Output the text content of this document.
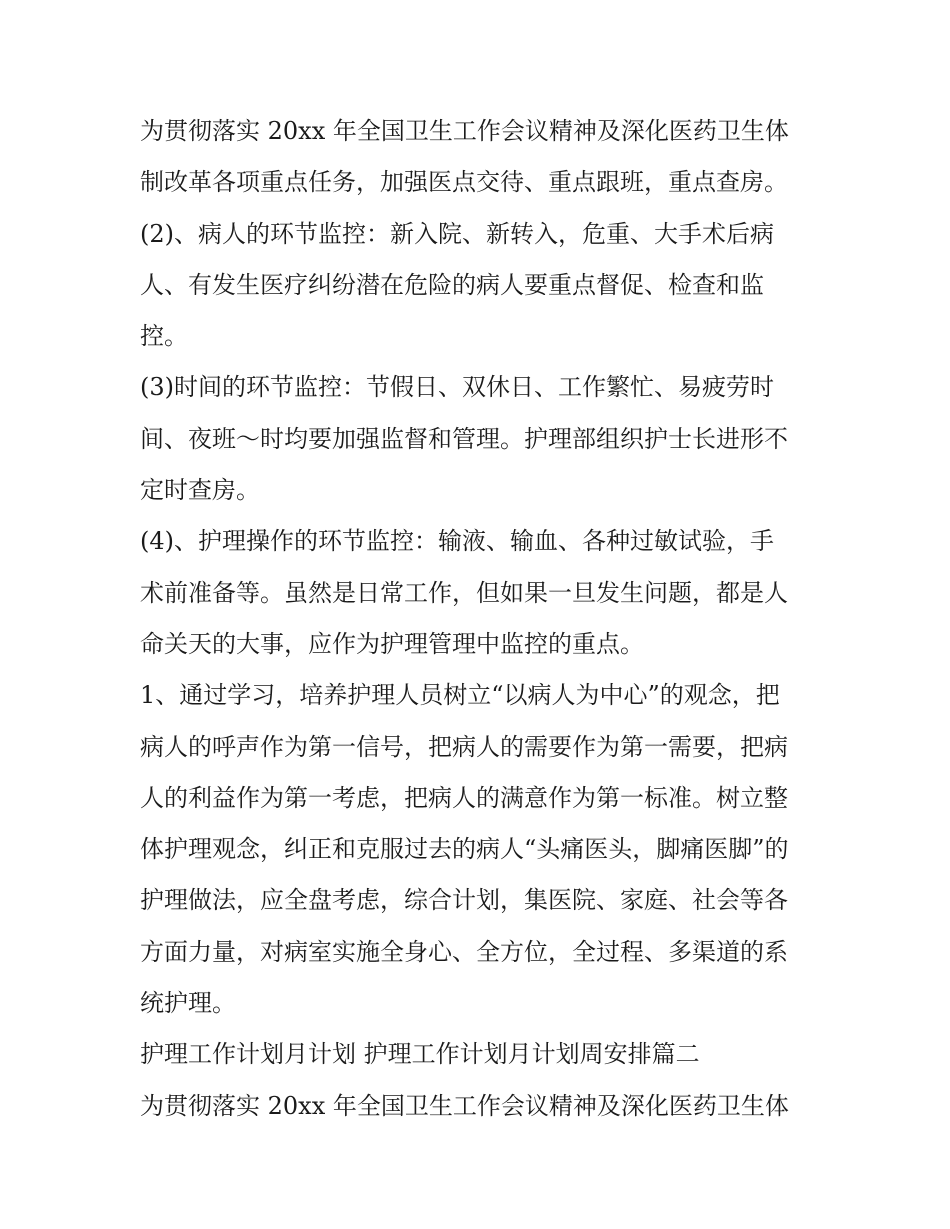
为贯彻落实 20xx 年全国卫生工作会议精神及深化医药卫生体
制改革各项重点任务，加强医点交待、重点跟班，重点查房。
(2)、病人的环节监控：新入院、新转入，危重、大手术后病
人、有发生医疗纠纷潜在危险的病人要重点督促、检查和监
控。
(3)时间的环节监控：节假日、双休日、工作繁忙、易疲劳时
间、夜班～时均要加强监督和管理。护理部组织护士长进形不
定时查房。
(4)、护理操作的环节监控：输液、输血、各种过敏试验，手
术前准备等。虽然是日常工作，但如果一旦发生问题，都是人
命关天的大事，应作为护理管理中监控的重点。
1、通过学习，培养护理人员树立“以病人为中心”的观念，把
病人的呼声作为第一信号，把病人的需要作为第一需要，把病
人的利益作为第一考虑，把病人的满意作为第一标准。树立整
体护理观念，纠正和克服过去的病人“头痛医头，脚痛医脚”的
护理做法，应全盘考虑，综合计划，集医院、家庭、社会等各
方面力量，对病室实施全身心、全方位，全过程、多渠道的系
统护理。
护理工作计划月计划 护理工作计划月计划周安排篇二
为贯彻落实 20xx 年全国卫生工作会议精神及深化医药卫生体
